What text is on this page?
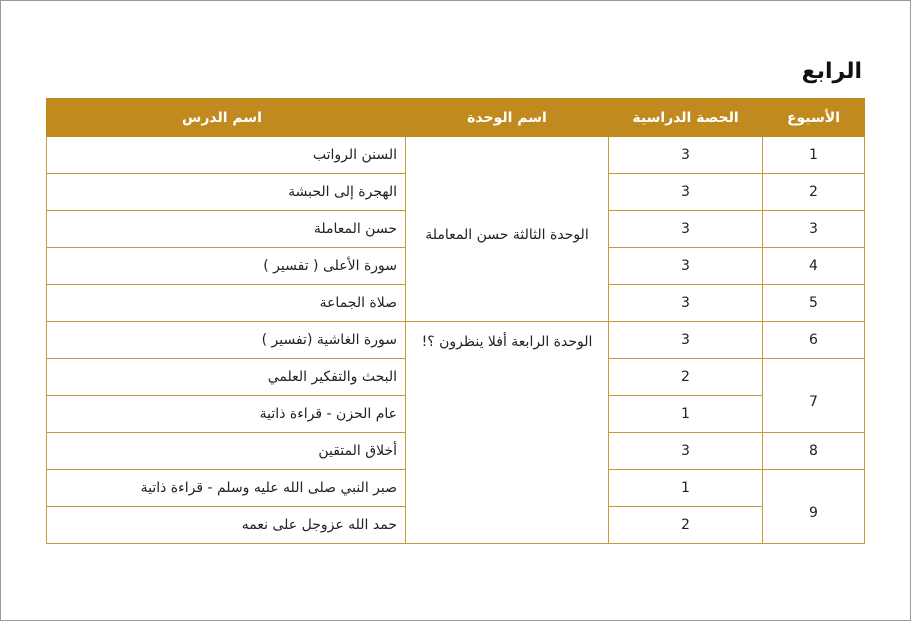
الرابع
الأسبوع	الحصة الدراسية	اسم الوحدة	اسم الدرس
1	3	الوحدة الثالثة حسن المعاملة	السنن الرواتب
2	3		الهجرة إلى الحبشة
3	3		حسن المعاملة
4	3		سورة الأعلى ( تفسير )
5	3		صلاة الجماعة
6	3	الوحدة الرابعة أفلا ينظرون ؟!	سورة الغاشية (تفسير )
7	2		البحث والتفكير العلمي
	1		عام الحزن - قراءة ذاتية
8	3		أخلاق المتقين
9	1		صبر النبي صلى الله عليه وسلم - قراءة ذاتية
	2		حمد الله عزوجل على نعمه
